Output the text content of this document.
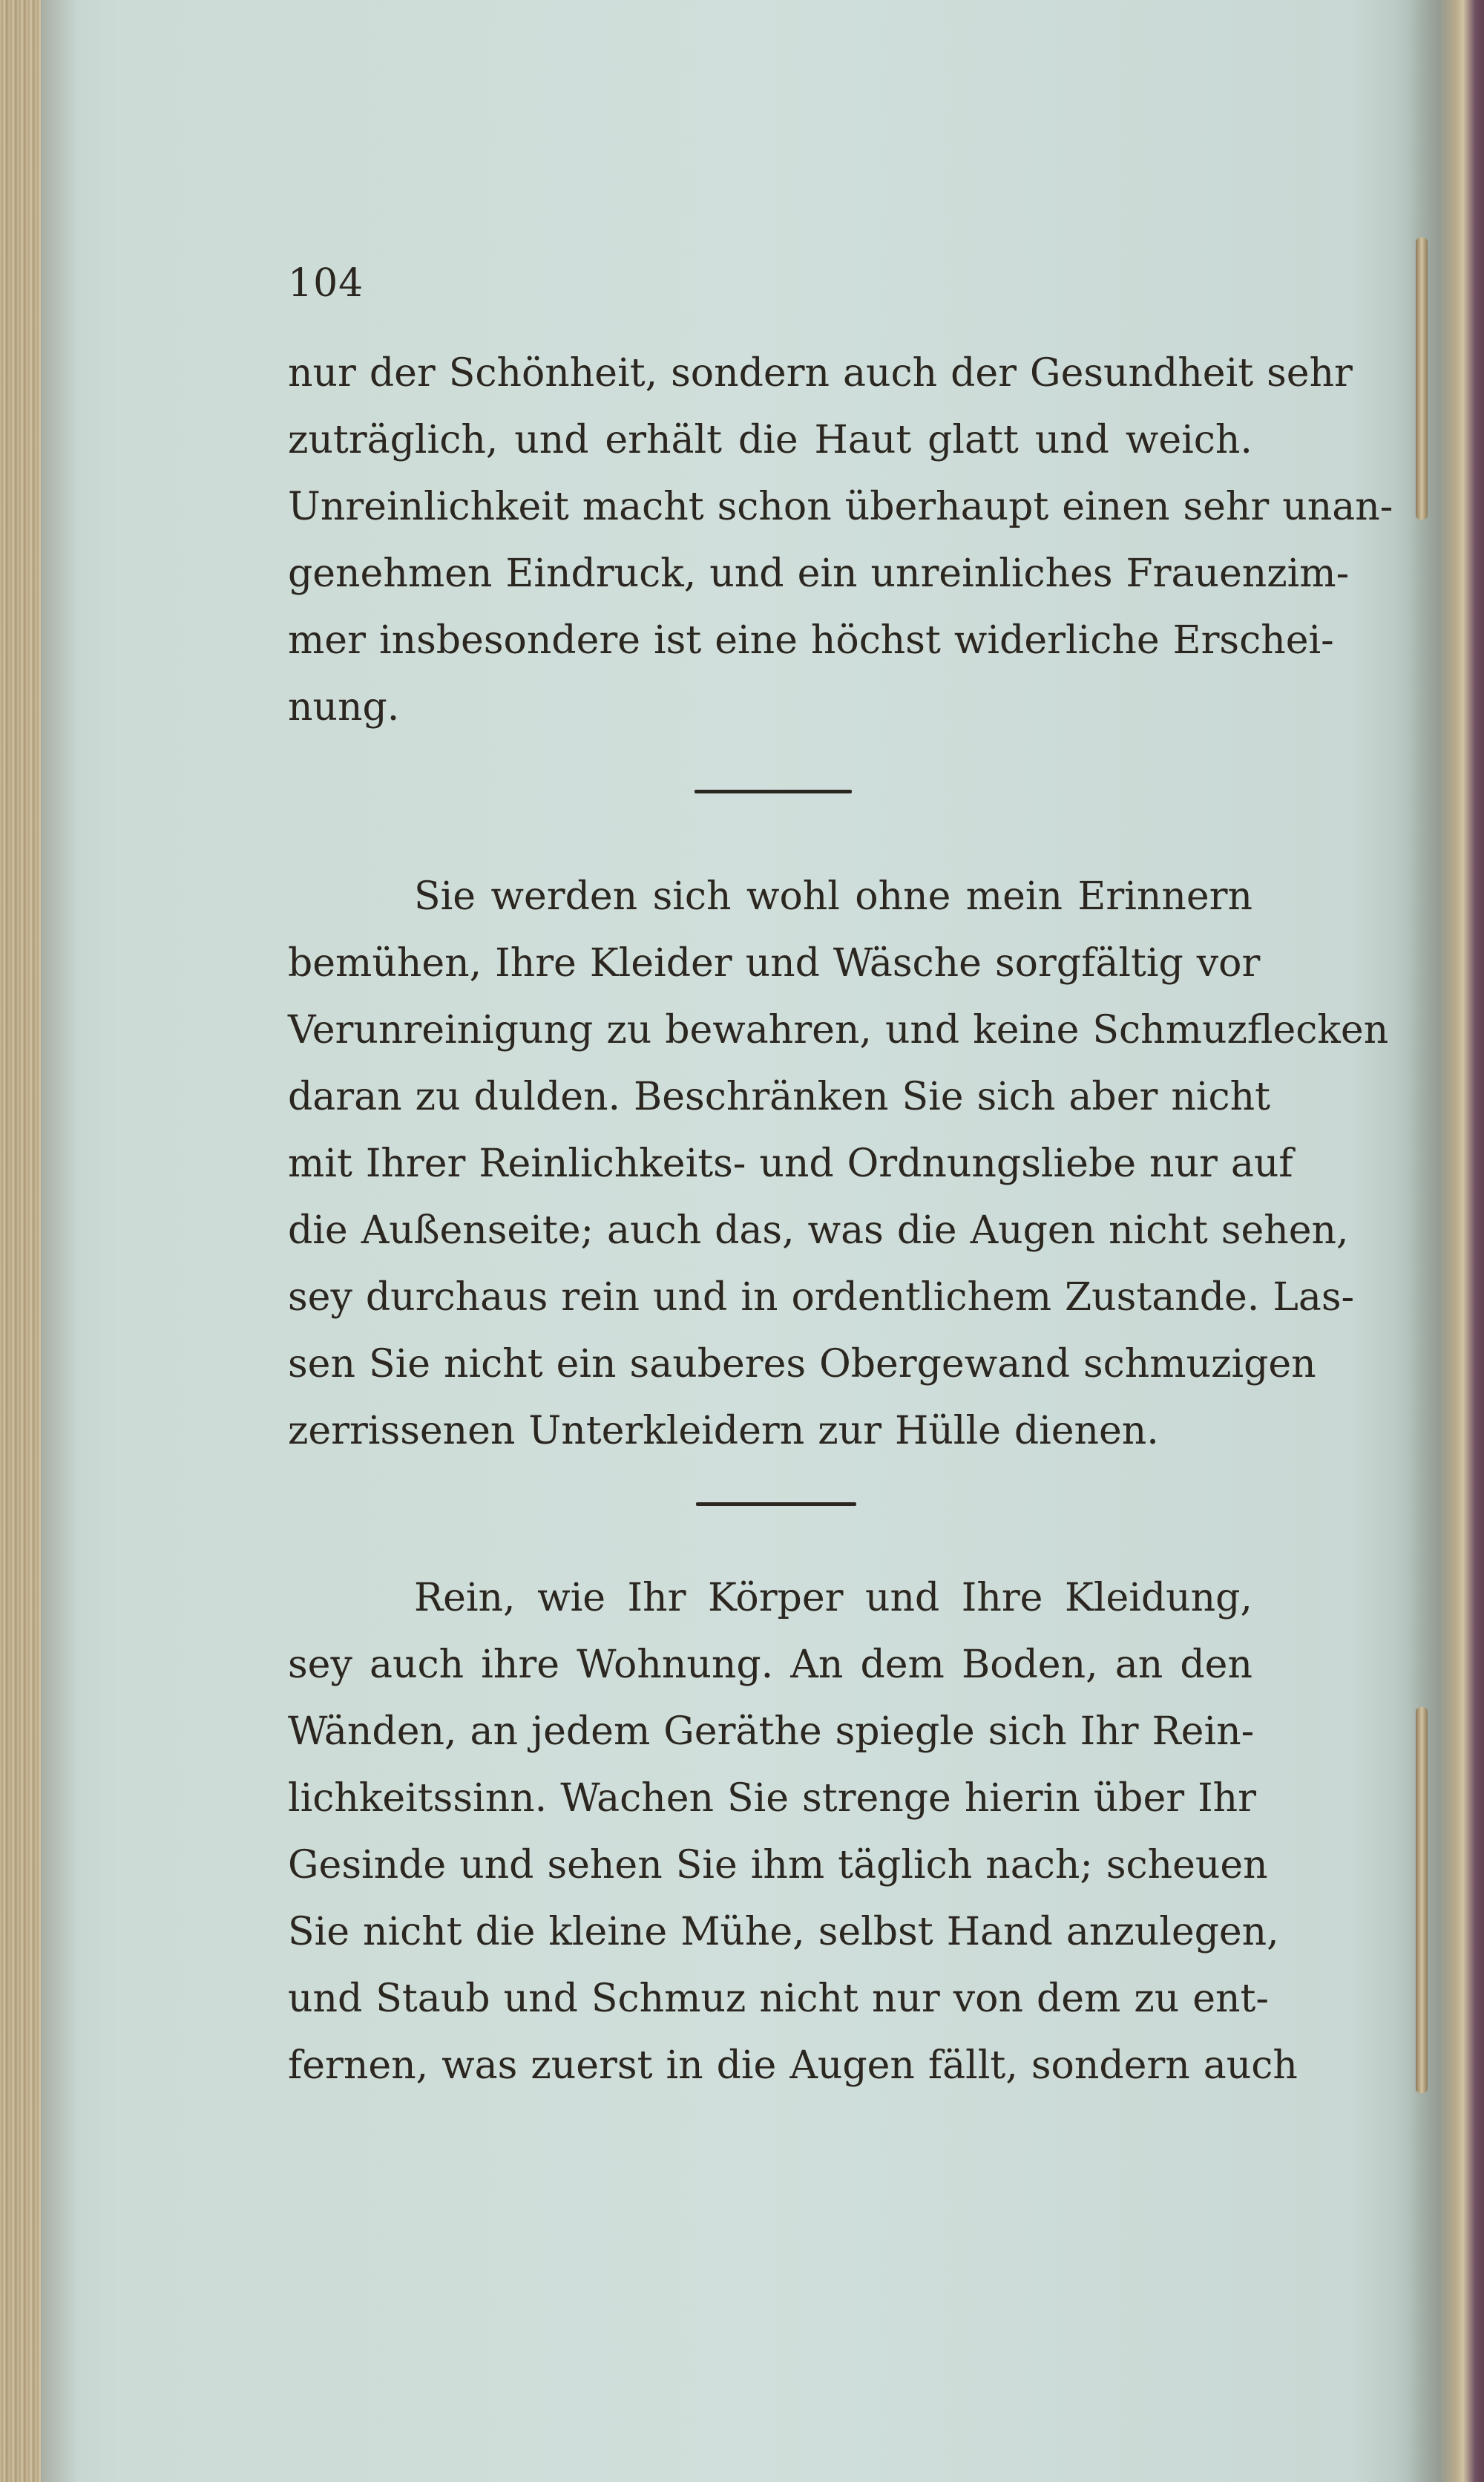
104
nur der Schönheit, sondern auch der Gesundheit sehr
zuträglich, und erhält die Haut glatt und weich.
Unreinlichkeit macht schon überhaupt einen sehr unan-
genehmen Eindruck, und ein unreinliches Frauenzim-
mer insbesondere ist eine höchst widerliche Erschei-
nung.
Sie werden sich wohl ohne mein Erinnern
bemühen, Ihre Kleider und Wäsche sorgfältig vor
Verunreinigung zu bewahren, und keine Schmuzflecken
daran zu dulden. Beschränken Sie sich aber nicht
mit Ihrer Reinlichkeits- und Ordnungsliebe nur auf
die Außenseite; auch das, was die Augen nicht sehen,
sey durchaus rein und in ordentlichem Zustande. Las-
sen Sie nicht ein sauberes Obergewand schmuzigen
zerrissenen Unterkleidern zur Hülle dienen.
Rein, wie Ihr Körper und Ihre Kleidung,
sey auch ihre Wohnung. An dem Boden, an den
Wänden, an jedem Geräthe spiegle sich Ihr Rein-
lichkeitssinn. Wachen Sie strenge hierin über Ihr
Gesinde und sehen Sie ihm täglich nach; scheuen
Sie nicht die kleine Mühe, selbst Hand anzulegen,
und Staub und Schmuz nicht nur von dem zu ent-
fernen, was zuerst in die Augen fällt, sondern auch
